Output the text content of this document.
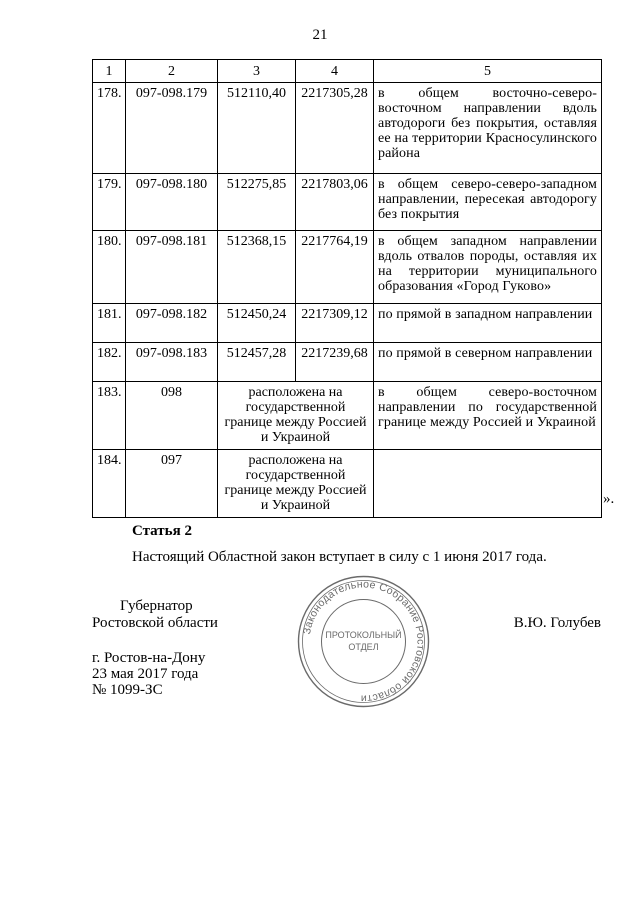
21
1	2	3	4	5
178.	097-098.179	512110,40	2217305,28	в общем восточно-северо-восточном направлении вдоль автодороги без покрытия, оставляя ее на территории Красносулинского района
179.	097-098.180	512275,85	2217803,06	в общем северо-северо-западном направлении, пересекая автодорогу без покрытия
180.	097-098.181	512368,15	2217764,19	в общем западном направлении вдоль отвалов породы, оставляя их на территории муниципального образования «Город Гуково»
181.	097-098.182	512450,24	2217309,12	по прямой в западном направлении
182.	097-098.183	512457,28	2217239,68	по прямой в северном направлении
183.	098	расположена на государственной границе между Россией и Украиной		в общем северо-восточном направлении по государственной границе между Россией и Украиной
184.	097	расположена на государственной границе между Россией и Украиной			».
Статья 2
Настоящий Областной закон вступает в силу с 1 июня 2017 года.
Губернатор
Ростовской области	Законодательное Собрание Ростовской области
ПРОТОКОЛЬНЫЙ
ОТДЕЛ
В.Ю. Голубев
г. Ростов-на-Дону
23 мая 2017 года
№ 1099-ЗС
